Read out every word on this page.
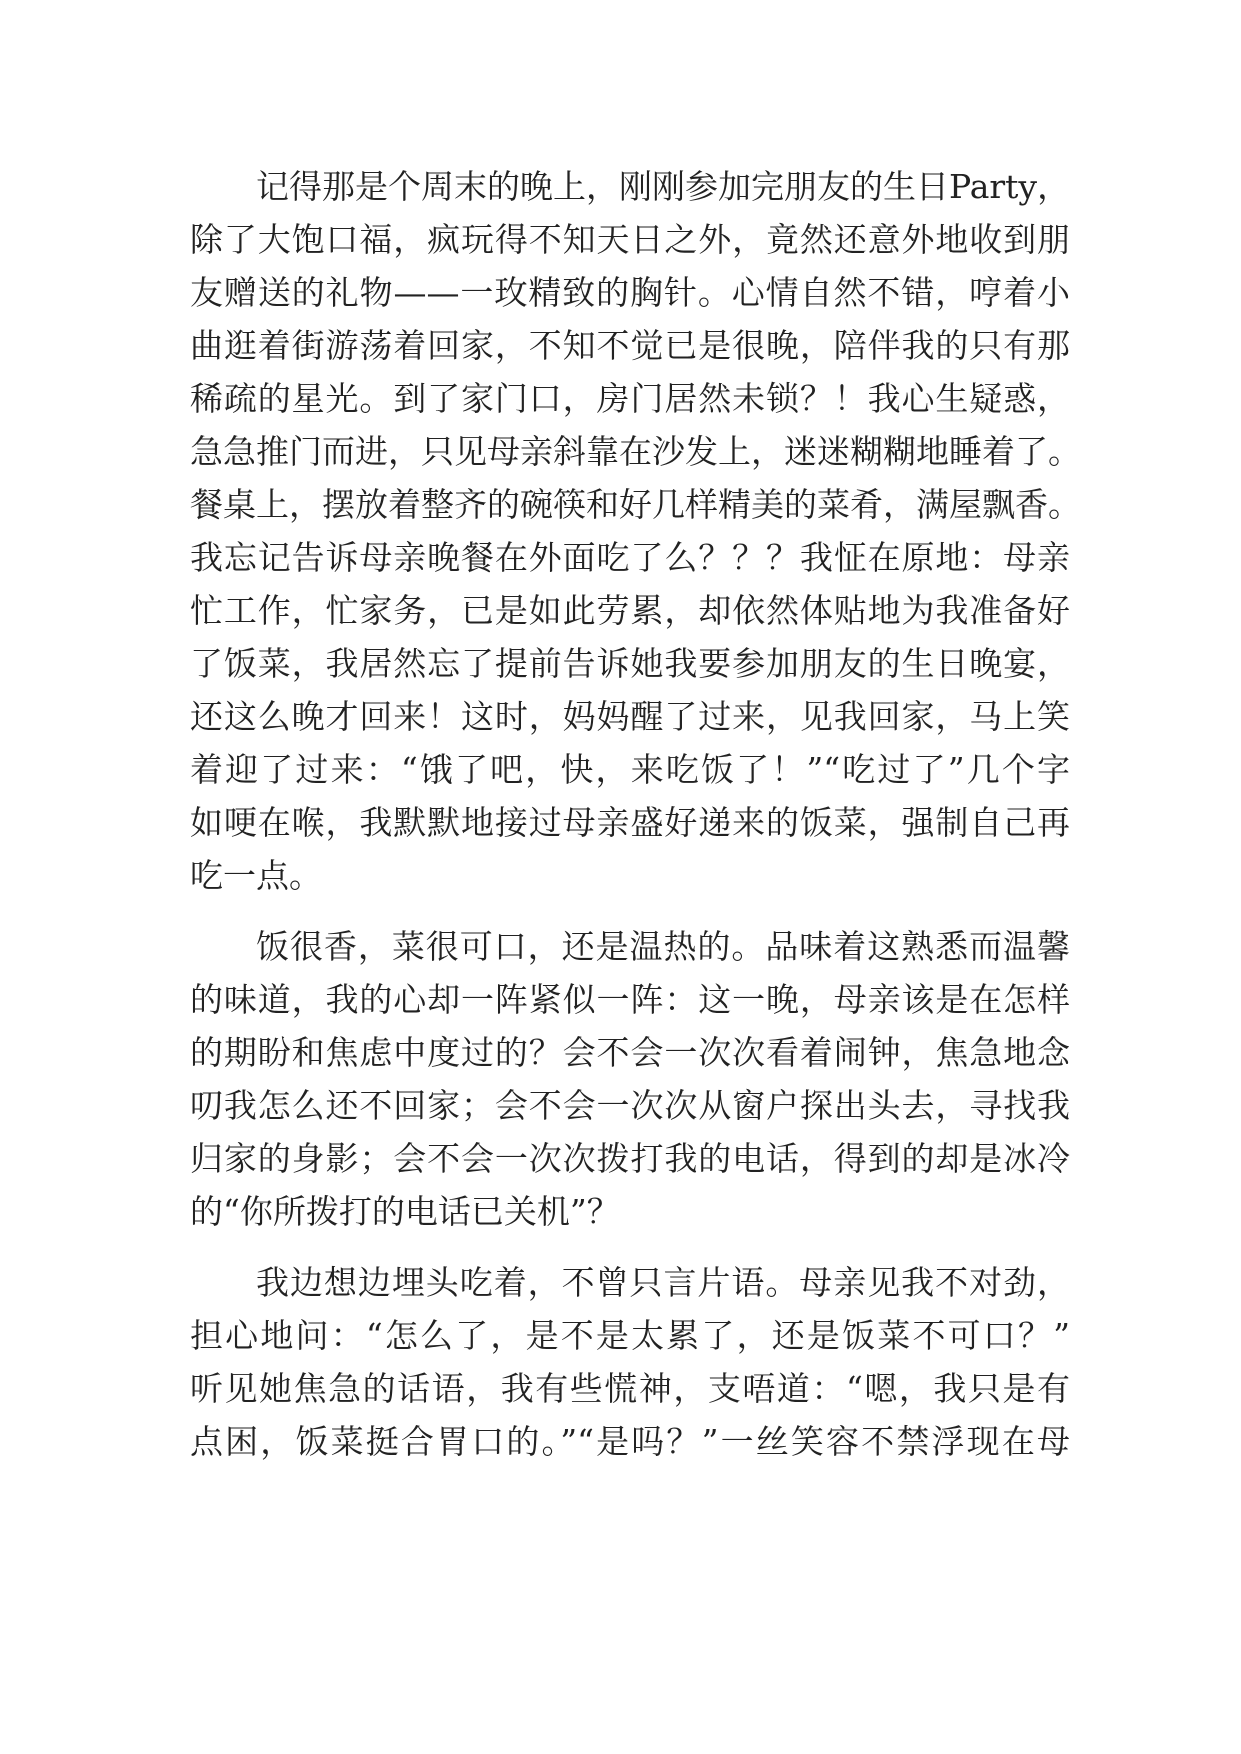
记得那是个周末的晚上，刚刚参加完朋友的生日Party，
除了大饱口福，疯玩得不知天日之外，竟然还意外地收到朋
友赠送的礼物——一玫精致的胸针。心情自然不错，哼着小
曲逛着街游荡着回家，不知不觉已是很晚，陪伴我的只有那
稀疏的星光。到了家门口，房门居然未锁？！我心生疑惑，
急急推门而进，只见母亲斜靠在沙发上，迷迷糊糊地睡着了。
餐桌上，摆放着整齐的碗筷和好几样精美的菜肴，满屋飘香。
我忘记告诉母亲晚餐在外面吃了么？？？我怔在原地：母亲
忙工作，忙家务，已是如此劳累，却依然体贴地为我准备好
了饭菜，我居然忘了提前告诉她我要参加朋友的生日晚宴，
还这么晚才回来！这时，妈妈醒了过来，见我回家，马上笑
着迎了过来：“饿了吧，快，来吃饭了！”“吃过了”几个字
如哽在喉，我默默地接过母亲盛好递来的饭菜，强制自己再
吃一点。
饭很香，菜很可口，还是温热的。品味着这熟悉而温馨
的味道，我的心却一阵紧似一阵：这一晚，母亲该是在怎样
的期盼和焦虑中度过的？会不会一次次看着闹钟，焦急地念
叨我怎么还不回家；会不会一次次从窗户探出头去，寻找我
归家的身影；会不会一次次拨打我的电话，得到的却是冰冷
的“你所拨打的电话已关机”？
我边想边埋头吃着，不曾只言片语。母亲见我不对劲，
担心地问：“怎么了，是不是太累了，还是饭菜不可口？”
听见她焦急的话语，我有些慌神，支唔道：“嗯，我只是有
点困，饭菜挺合胃口的。”“是吗？”一丝笑容不禁浮现在母
